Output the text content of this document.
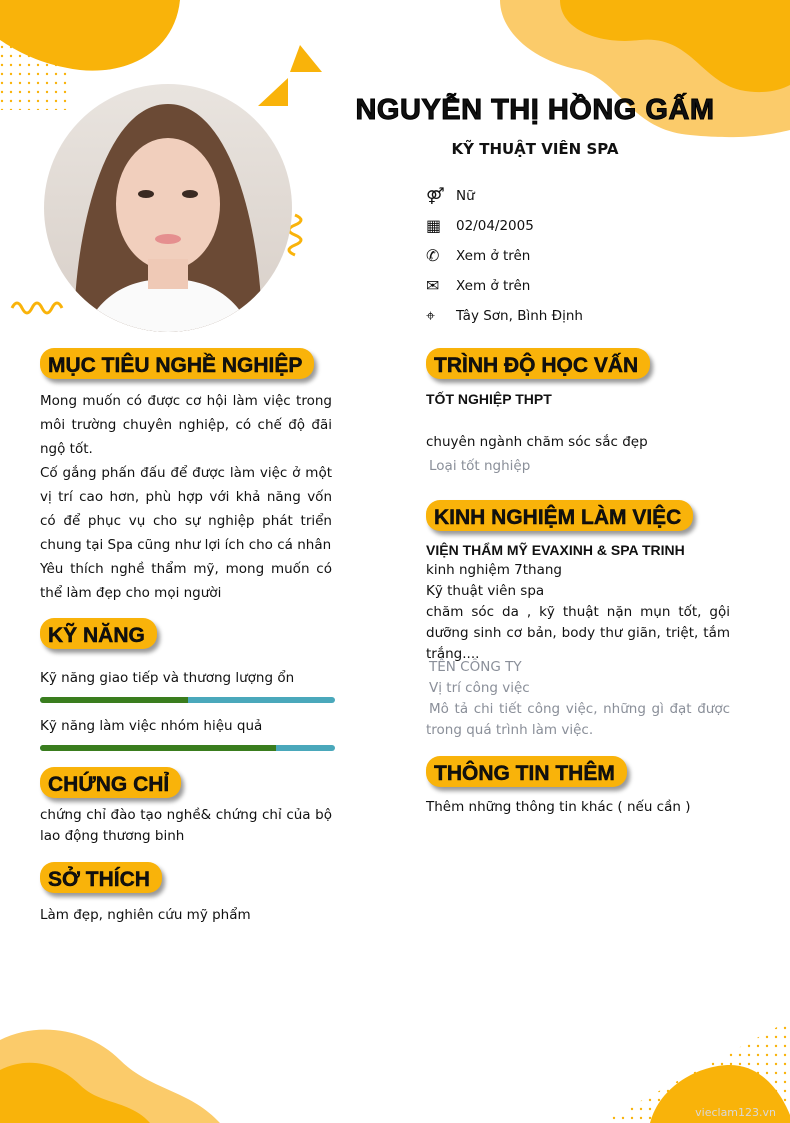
NGUYỄN THỊ HỒNG GẤM
KỸ THUẬT VIÊN SPA
⚤ Nữ
▦	02/04/2005
✆	Xem ở trên
✉	Xem ở trên
⌖	Tây Sơn, Bình Định
MỤC TIÊU NGHỀ NGHIỆP
Mong muốn có được cơ hội làm việc trong môi trường chuyên nghiệp, có chế độ đãi ngộ tốt.
Cố gắng phấn đấu để được làm việc ở một vị trí cao hơn, phù hợp với khả năng vốn có để phục vụ cho sự nghiệp phát triển chung tại Spa cũng như lợi ích cho cá nhân
Yêu thích nghề thẩm mỹ, mong muốn có thể làm đẹp cho mọi người
KỸ NĂNG
Kỹ năng giao tiếp và thương lượng ổn
Kỹ năng làm việc nhóm hiệu quả
CHỨNG CHỈ
chứng chỉ đào tạo nghề& chứng chỉ của bộ lao động thương binh
SỞ THÍCH
Làm đẹp, nghiên cứu mỹ phẩm
TRÌNH ĐỘ HỌC VẤN
TỐT NGHIỆP THPT
chuyên ngành chăm sóc sắc đẹp
Loại tốt nghiệp
KINH NGHIỆM LÀM VIỆC
VIỆN THẨM MỸ EVAXINH & SPA TRINH
kinh nghiệm 7thang
Kỹ thuật viên spa
chăm sóc da , kỹ thuật nặn mụn tốt, gội dưỡng sinh cơ bản, body thư giãn, triệt, tắm trắng....
TÊN CÔNG TY
Vị trí công việc
Mô tả chi tiết công việc, những gì đạt được trong quá trình làm việc.
THÔNG TIN THÊM
Thêm những thông tin khác ( nếu cần )
vieclam123.vn
